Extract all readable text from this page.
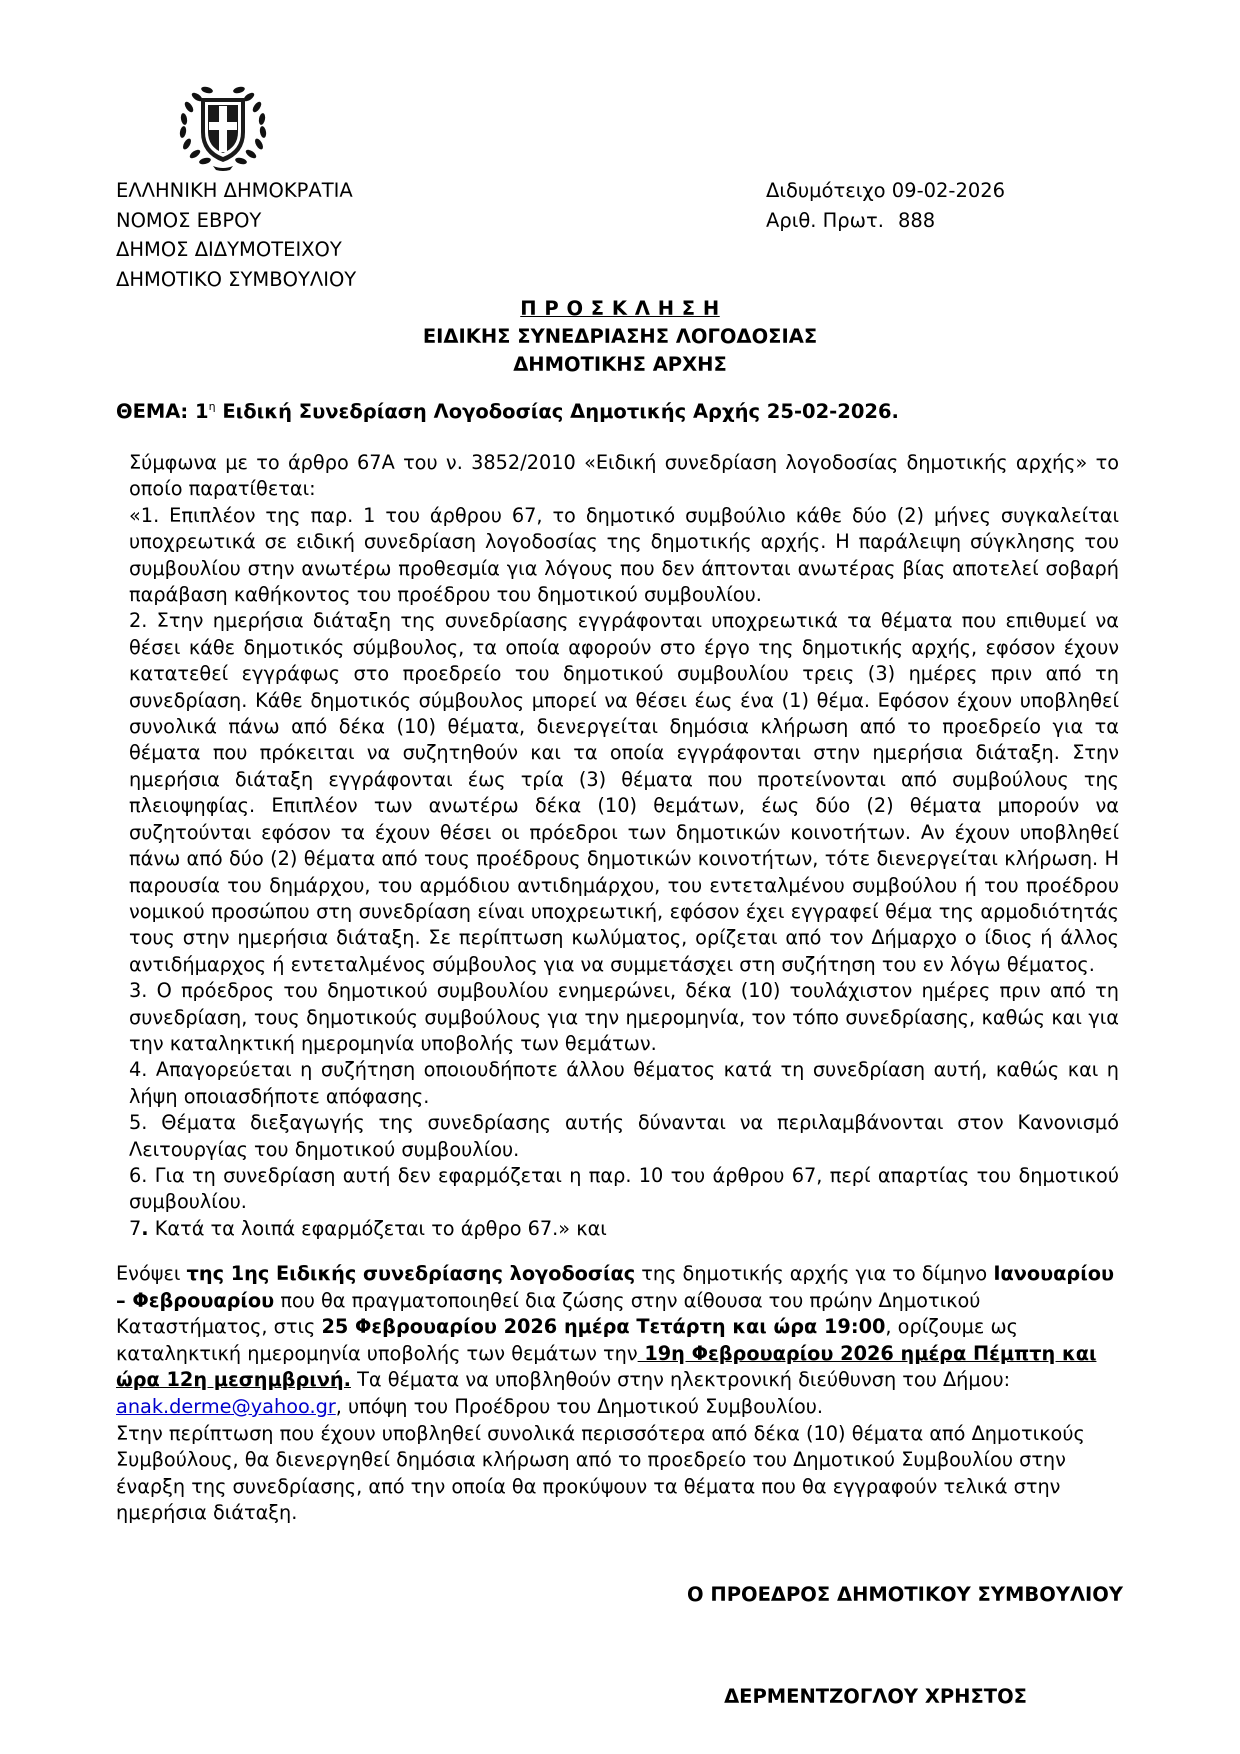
ΕΛΛΗΝΙΚΗ ΔΗΜΟΚΡΑΤΙΑ
ΝΟΜΟΣ ΕΒΡΟΥ
ΔΗΜΟΣ ΔΙΔΥΜΟΤΕΙΧΟΥ
ΔΗΜΟΤΙΚΟ ΣΥΜΒΟΥΛΙΟΥ
Διδυμότειχο 09-02-2026
Αριθ. Πρωτ. 888
Π Ρ Ο Σ Κ Λ Η Σ Η
ΕΙΔΙΚΗΣ ΣΥΝΕΔΡΙΑΣΗΣ ΛΟΓΟΔΟΣΙΑΣ
ΔΗΜΟΤΙΚΗΣ ΑΡΧΗΣ
ΘΕΜΑ: $1^\eta$ Ειδική Συνεδρίαση Λογοδοσίας Δημοτικής Αρχής 25-02-2026.

Σύμφωνα με το άρθρο 67Α του ν. 3852/2010 «Ειδική συνεδρίαση λογοδοσίας δημοτικής αρχής» το οποίο παρατίθεται:

«1. Επιπλέον της παρ. 1 του άρθρου 67, το δημοτικό συμβούλιο κάθε δύο (2) μήνες συγκαλείται υποχρεωτικά σε ειδική συνεδρίαση λογοδοσίας της δημοτικής αρχής. Η παράλειψη σύγκλησης του συμβουλίου στην ανωτέρω προθεσμία για λόγους που δεν άπτονται ανωτέρας βίας αποτελεί σοβαρή παράβαση καθήκοντος του προέδρου του δημοτικού συμβουλίου.

2. Στην ημερήσια διάταξη της συνεδρίασης εγγράφονται υποχρεωτικά τα θέματα που επιθυμεί να θέσει κάθε δημοτικός σύμβουλος, τα οποία αφορούν στο έργο της δημοτικής αρχής, εφόσον έχουν κατατεθεί εγγράφως στο προεδρείο του δημοτικού συμβουλίου τρεις (3) ημέρες πριν από τη συνεδρίαση. Κάθε δημοτικός σύμβουλος μπορεί να θέσει έως ένα (1) θέμα. Εφόσον έχουν υποβληθεί συνολικά πάνω από δέκα (10) θέματα, διενεργείται δημόσια κλήρωση από το προεδρείο για τα θέματα που πρόκειται να συζητηθούν και τα οποία εγγράφονται στην ημερήσια διάταξη. Στην ημερήσια διάταξη εγγράφονται έως τρία (3) θέματα που προτείνονται από συμβούλους της πλειοψηφίας. Επιπλέον των ανωτέρω δέκα (10) θεμάτων, έως δύο (2) θέματα μπορούν να συζητούνται εφόσον τα έχουν θέσει οι πρόεδροι των δημοτικών κοινοτήτων. Αν έχουν υποβληθεί πάνω από δύο (2) θέματα από τους προέδρους δημοτικών κοινοτήτων, τότε διενεργείται κλήρωση. Η παρουσία του δημάρχου, του αρμόδιου αντιδημάρχου, του εντεταλμένου συμβούλου ή του προέδρου νομικού προσώπου στη συνεδρίαση είναι υποχρεωτική, εφόσον έχει εγγραφεί θέμα της αρμοδιότητάς τους στην ημερήσια διάταξη. Σε περίπτωση κωλύματος, ορίζεται από τον Δήμαρχο ο ίδιος ή άλλος αντιδήμαρχος ή εντεταλμένος σύμβουλος για να συμμετάσχει στη συζήτηση του εν λόγω θέματος.

3. Ο πρόεδρος του δημοτικού συμβουλίου ενημερώνει, δέκα (10) τουλάχιστον ημέρες πριν από τη συνεδρίαση, τους δημοτικούς συμβούλους για την ημερομηνία, τον τόπο συνεδρίασης, καθώς και για την καταληκτική ημερομηνία υποβολής των θεμάτων.

4. Απαγορεύεται η συζήτηση οποιουδήποτε άλλου θέματος κατά τη συνεδρίαση αυτή, καθώς και η λήψη οποιασδήποτε απόφασης.

5. Θέματα διεξαγωγής της συνεδρίασης αυτής δύνανται να περιλαμβάνονται στον Κανονισμό Λειτουργίας του δημοτικού συμβουλίου.

6. Για τη συνεδρίαση αυτή δεν εφαρμόζεται η παρ. 10 του άρθρου 67, περί απαρτίας του δημοτικού συμβουλίου.

7. Κατά τα λοιπά εφαρμόζεται το άρθρο 67.» και

Ενόψει της 1ης Ειδικής συνεδρίασης λογοδοσίας της δημοτικής αρχής για το δίμηνο Ιανουαρίου – Φεβρουαρίου που θα πραγματοποιηθεί δια ζώσης στην αίθουσα του πρώην Δημοτικού Καταστήματος, στις 25 Φεβρουαρίου 2026 ημέρα Τετάρτη και ώρα 19:00, ορίζουμε ως καταληκτική ημερομηνία υποβολής των θεμάτων την 19η Φεβρουαρίου 2026 ημέρα Πέμπτη και ώρα 12η μεσημβρινή. Τα θέματα να υποβληθούν στην ηλεκτρονική διεύθυνση του Δήμου: anak.derme@yahoo.gr, υπόψη του Προέδρου του Δημοτικού Συμβουλίου.

Στην περίπτωση που έχουν υποβληθεί συνολικά περισσότερα από δέκα (10) θέματα από Δημοτικούς Συμβούλους, θα διενεργηθεί δημόσια κλήρωση από το προεδρείο του Δημοτικού Συμβουλίου στην έναρξη της συνεδρίασης, από την οποία θα προκύψουν τα θέματα που θα εγγραφούν τελικά στην ημερήσια διάταξη.

Ο ΠΡΟΕΔΡΟΣ ΔΗΜΟΤΙΚΟΥ ΣΥΜΒΟΥΛΙΟΥ
ΔΕΡΜΕΝΤΖΟΓΛΟΥ ΧΡΗΣΤΟΣ
